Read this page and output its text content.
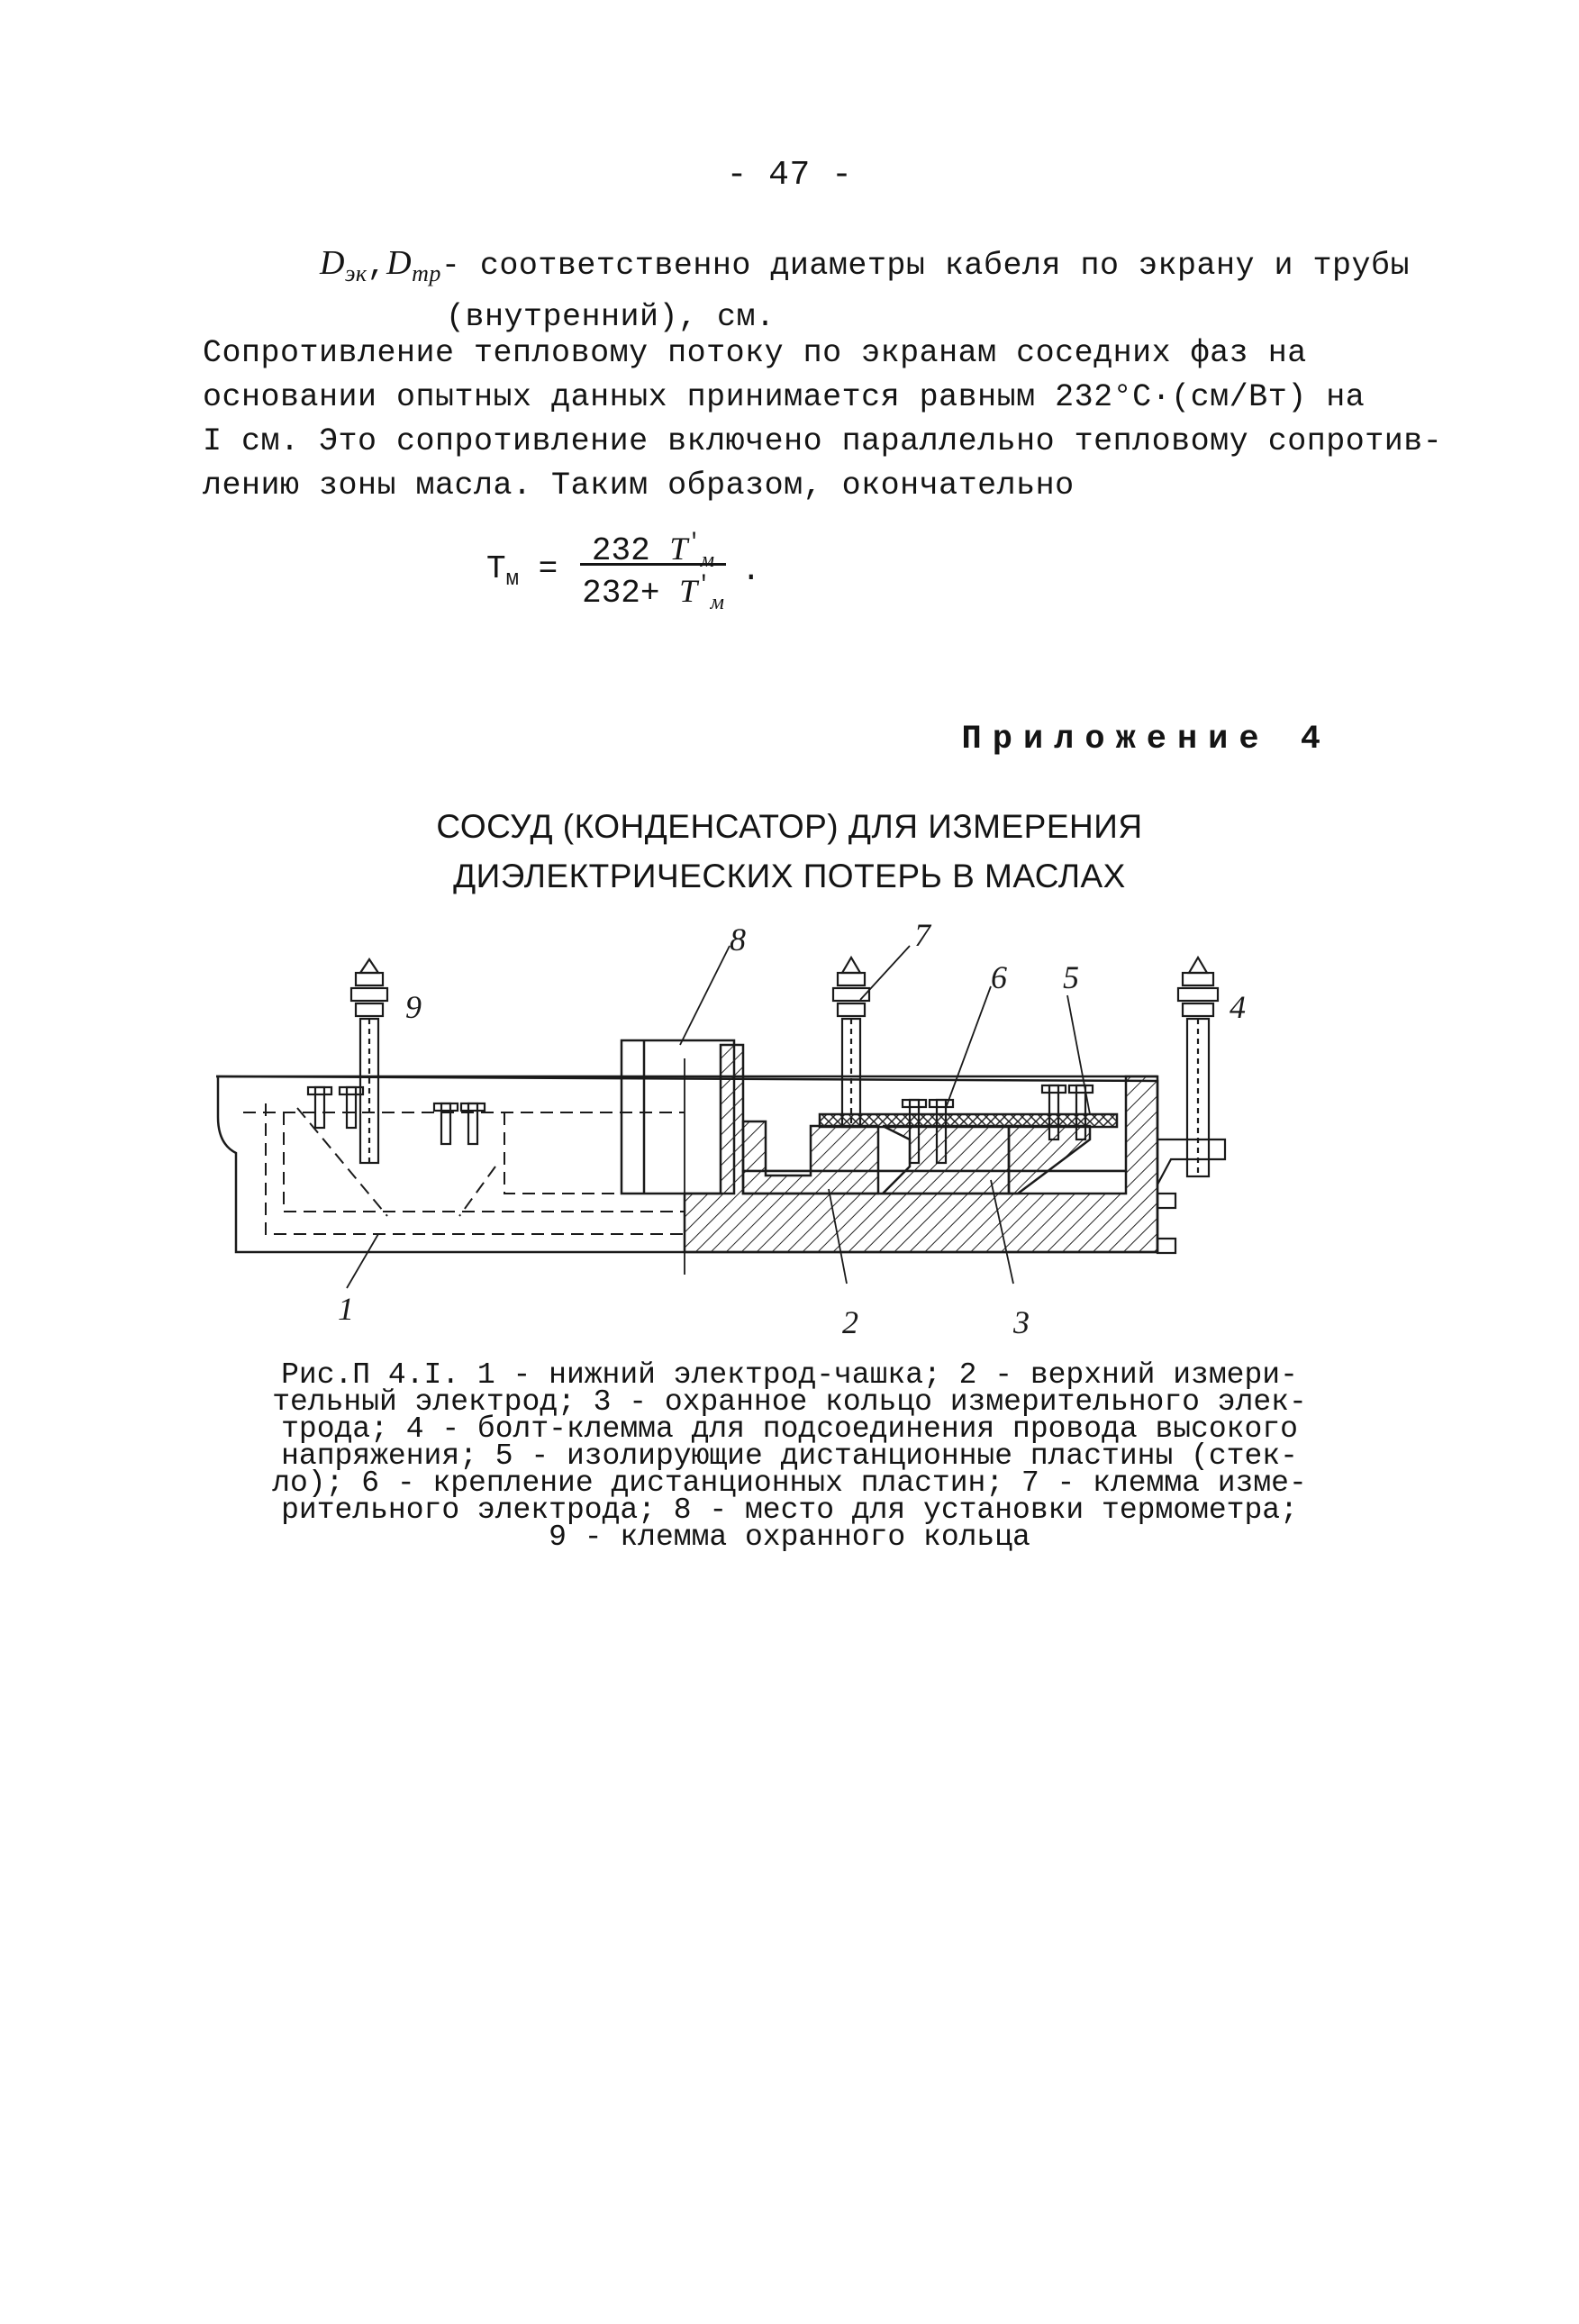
- 47 -
$D_{эк},D_{тр}-$ соответственно диаметры кабеля по экрану и трубы
(внутренний), см.
Сопротивление тепловому потоку по экранам соседних фаз на
основании опытных данных принимается равным 232°С·(см/Вт) на
I см. Это сопротивление включено параллельно тепловому сопротив-
лению зоны масла. Таким образом, окончательно
$Т_м$ =	232 $T'_м$
$232+ T'_м$
.
Приложение 4
СОСУД (КОНДЕНСАТОР) ДЛЯ ИЗМЕРЕНИЯ
ДИЭЛЕКТРИЧЕСКИХ ПОТЕРЬ В МАСЛАХ
9
8	7
6 5
4
1	2	3
Рис.П 4.I. 1 - нижний электрод-чашка; 2 - верхний измери-
тельный электрод; 3 - охранное кольцо измерительного элек-
трода; 4 - болт-клемма для подсоединения провода высокого
напряжения; 5 - изолирующие дистанционные пластины (стек-
ло); 6 - крепление дистанционных пластин; 7 - клемма изме-
рительного электрода; 8 - место для установки термометра;
9 - клемма охранного кольца
